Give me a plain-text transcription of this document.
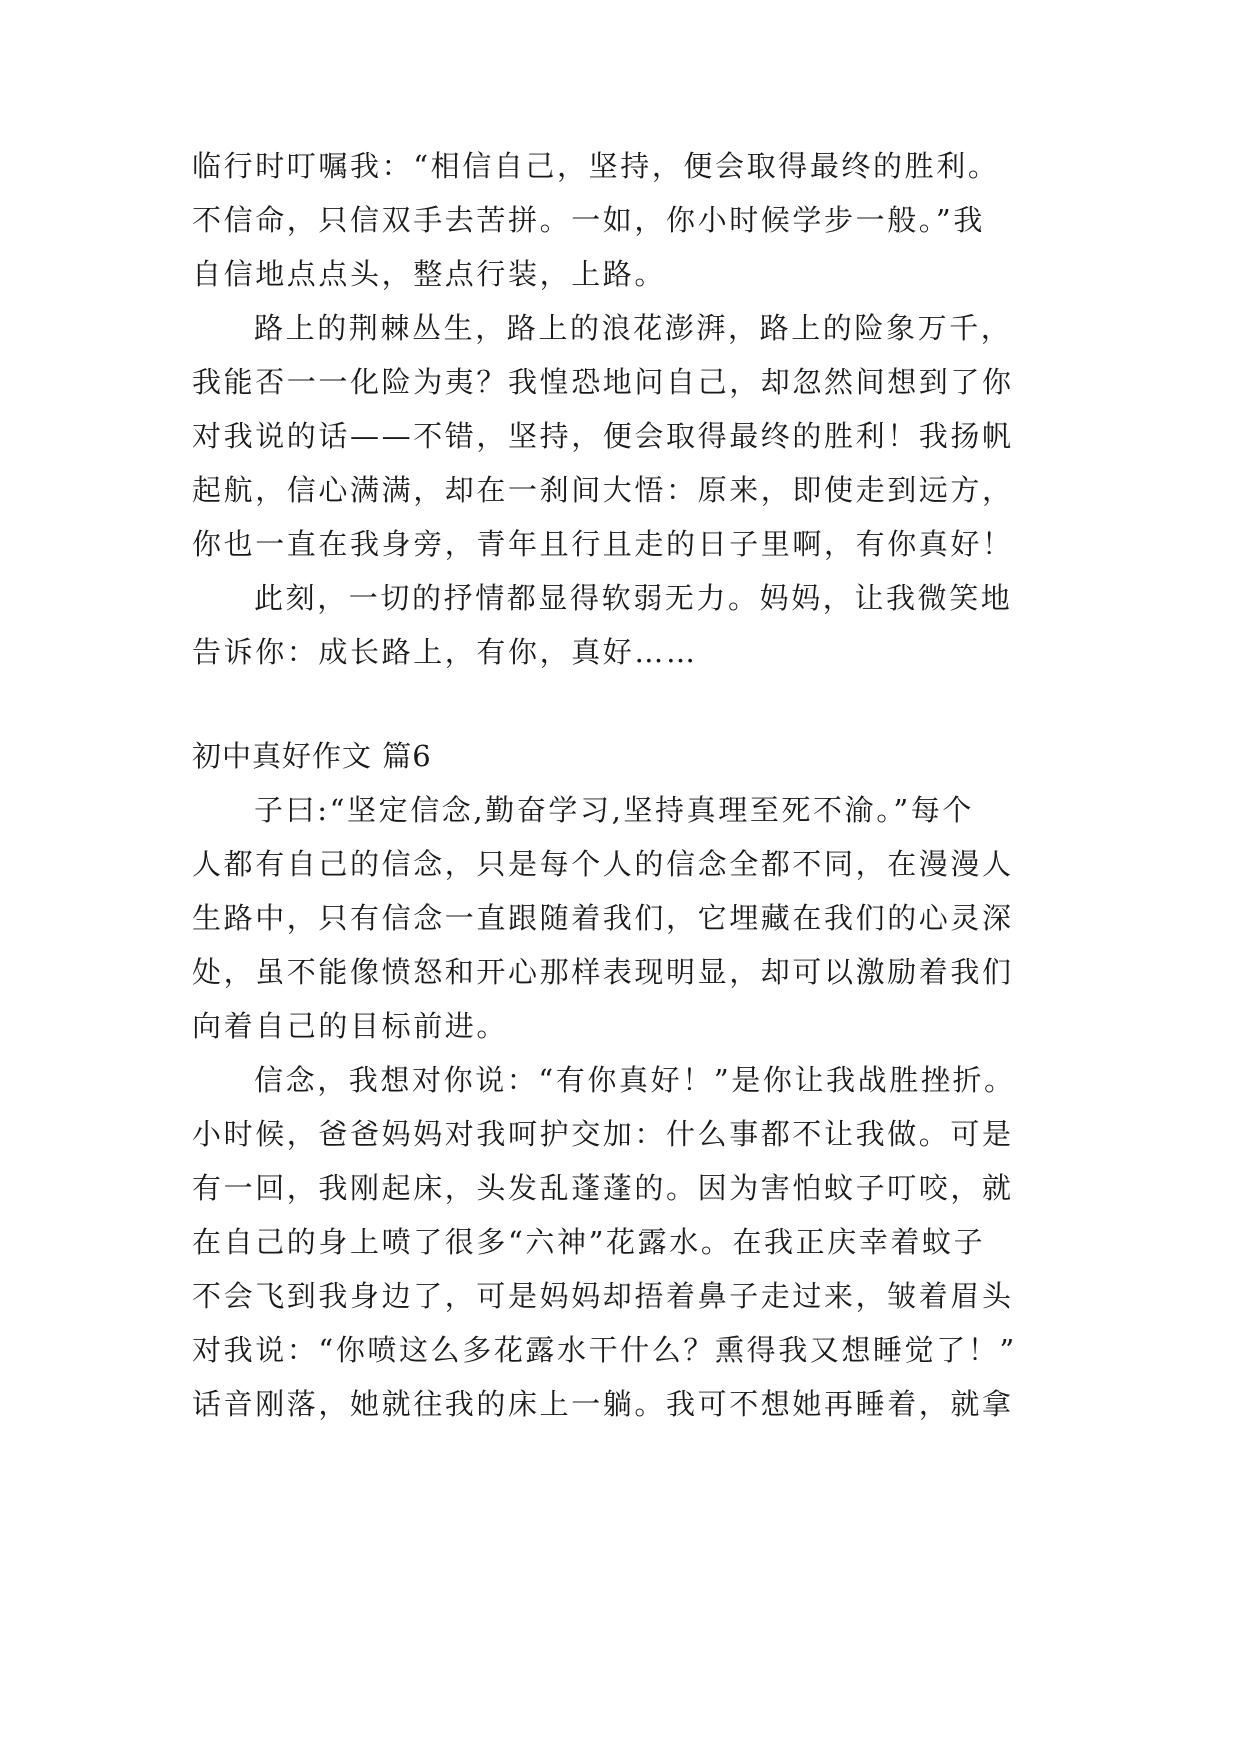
临行时叮嘱我：“相信自己，坚持，便会取得最终的胜利。
不信命，只信双手去苦拼。一如，你小时候学步一般。”我
自信地点点头，整点行装，上路。
路上的荆棘丛生，路上的浪花澎湃，路上的险象万千，
我能否一一化险为夷？我惶恐地问自己，却忽然间想到了你
对我说的话——不错，坚持，便会取得最终的胜利！我扬帆
起航，信心满满，却在一刹间大悟：原来，即使走到远方，
你也一直在我身旁，青年且行且走的日子里啊，有你真好！
此刻，一切的抒情都显得软弱无力。妈妈，让我微笑地
告诉你：成长路上，有你，真好……
初中真好作文 篇6
子曰:“坚定信念,勤奋学习,坚持真理至死不渝。”每个
人都有自己的信念，只是每个人的信念全都不同，在漫漫人
生路中，只有信念一直跟随着我们，它埋藏在我们的心灵深
处，虽不能像愤怒和开心那样表现明显，却可以激励着我们
向着自己的目标前进。
信念，我想对你说：“有你真好！”是你让我战胜挫折。
小时候，爸爸妈妈对我呵护交加：什么事都不让我做。可是
有一回，我刚起床，头发乱蓬蓬的。因为害怕蚊子叮咬，就
在自己的身上喷了很多“六神”花露水。在我正庆幸着蚊子
不会飞到我身边了，可是妈妈却捂着鼻子走过来，皱着眉头
对我说：“你喷这么多花露水干什么？熏得我又想睡觉了！”
话音刚落，她就往我的床上一躺。我可不想她再睡着，就拿
